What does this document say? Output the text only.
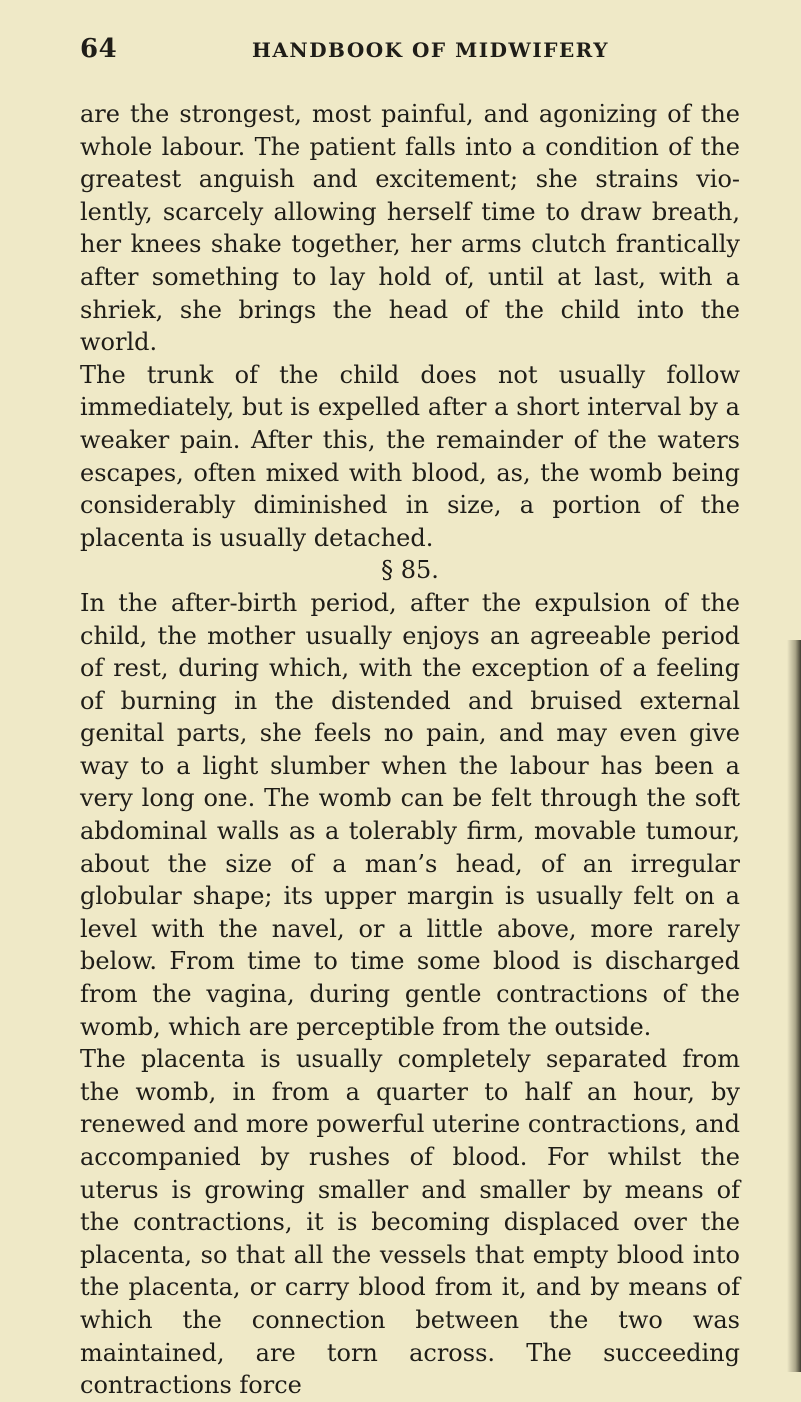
64	HANDBOOK OF MIDWIFERY

are the strongest, most painful, and agonizing of the whole labour. The patient falls into a condition of the greatest anguish and excitement; she strains violently, scarcely allowing herself time to draw breath, her knees shake together, her arms clutch frantically after something to lay hold of, until at last, with a shriek, she brings the head of the child into the world.

The trunk of the child does not usually follow immediately, but is expelled after a short interval by a weaker pain. After this, the remainder of the waters escapes, often mixed with blood, as, the womb being considerably diminished in size, a portion of the placenta is usually detached.

§ 85.

In the after-birth period, after the expulsion of the child, the mother usually enjoys an agreeable period of rest, during which, with the exception of a feeling of burning in the distended and bruised external genital parts, she feels no pain, and may even give way to a light slumber when the labour has been a very long one. The womb can be felt through the soft abdominal walls as a tolerably firm, movable tumour, about the size of a man’s head, of an irregular globular shape; its upper margin is usually felt on a level with the navel, or a little above, more rarely below. From time to time some blood is discharged from the vagina, during gentle contractions of the womb, which are perceptible from the outside.

The placenta is usually completely separated from the womb, in from a quarter to half an hour, by renewed and more powerful uterine contractions, and accompanied by rushes of blood. For whilst the uterus is growing smaller and smaller by means of the contractions, it is becoming displaced over the placenta, so that all the vessels that empty blood into the placenta, or carry blood from it, and by means of which the connection between the two was maintained, are torn across. The succeeding contractions force
